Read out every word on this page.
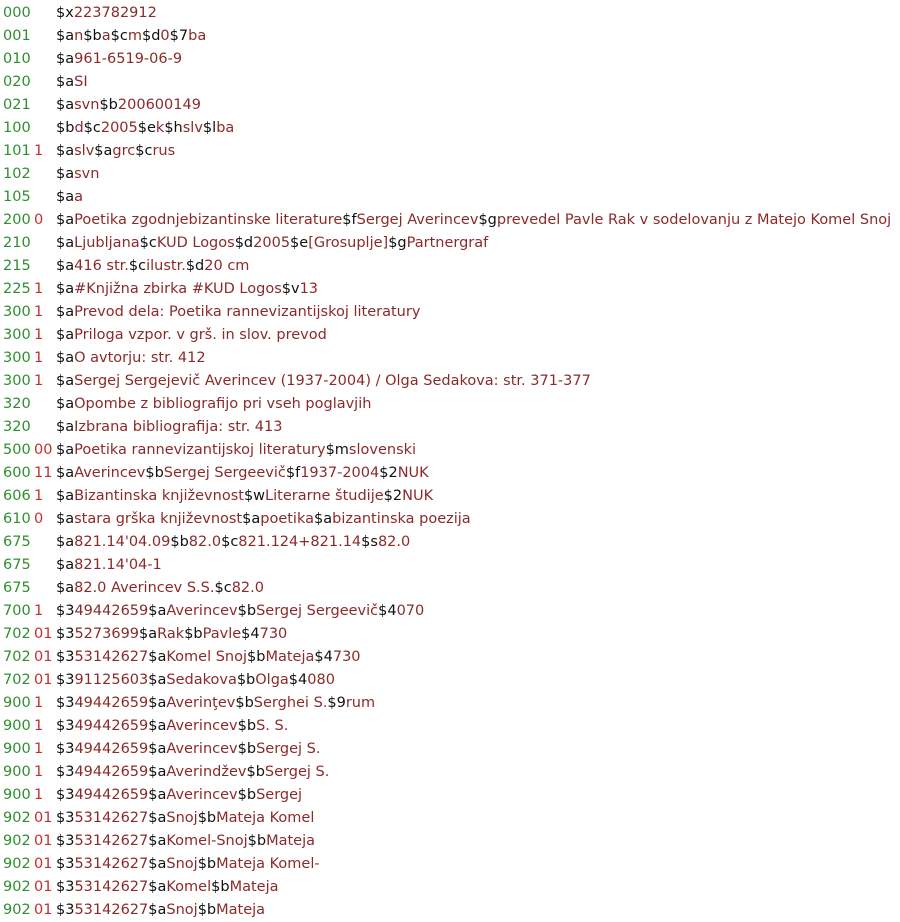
000 $x223782912
001 $an$ba$cm$d0$7ba
010 $a961-6519-06-9
020 $aSI
021 $asvn$b200600149
100 $bd$c2005$ek$hslv$lba
101 1 $aslv$agrc$crus
102 $asvn
105 $aa
200 0 $aPoetika zgodnjebizantinske literature$fSergej Averincev$gprevedel Pavle Rak v sodelovanju z Matejo Komel Snoj
210 $aLjubljana$cKUD Logos$d2005$e[Grosuplje]$gPartnergraf
215 $a416 str.$cilustr.$d20 cm
225 1 $a#Knjižna zbirka #KUD Logos$v13
300 1 $aPrevod dela: Poetika rannevizantijskoj literatury
300 1 $aPriloga vzpor. v grš. in slov. prevod
300 1 $aO avtorju: str. 412
300 1 $aSergej Sergejevič Averincev (1937-2004) / Olga Sedakova: str. 371-377
320 $aOpombe z bibliografijo pri vseh poglavjih
320 $aIzbrana bibliografija: str. 413
500 00 $aPoetika rannevizantijskoj literatury$mslovenski
600 11 $aAverincev$bSergej Sergeevič$f1937-2004$2NUK
606 1 $aBizantinska književnost$wLiterarne študije$2NUK
610 0 $astara grška književnost$apoetika$abizantinska poezija
675 $a821.14'04.09$b82.0$c821.124+821.14$s82.0
675 $a821.14'04-1
675 $a82.0 Averincev S.S.$c82.0
700 1 $349442659$aAverincev$bSergej Sergeevič$4070
702 01 $35273699$aRak$bPavle$4730
702 01 $353142627$aKomel Snoj$bMateja$4730
702 01 $391125603$aSedakova$bOlga$4080
900 1 $349442659$aAverinţev$bSerghei S.$9rum
900 1 $349442659$aAverincev$bS. S.
900 1 $349442659$aAverincev$bSergej S.
900 1 $349442659$aAverindžev$bSergej S.
900 1 $349442659$aAverincev$bSergej
902 01 $353142627$aSnoj$bMateja Komel
902 01 $353142627$aKomel-Snoj$bMateja
902 01 $353142627$aSnoj$bMateja Komel-
902 01 $353142627$aKomel$bMateja
902 01 $353142627$aSnoj$bMateja
